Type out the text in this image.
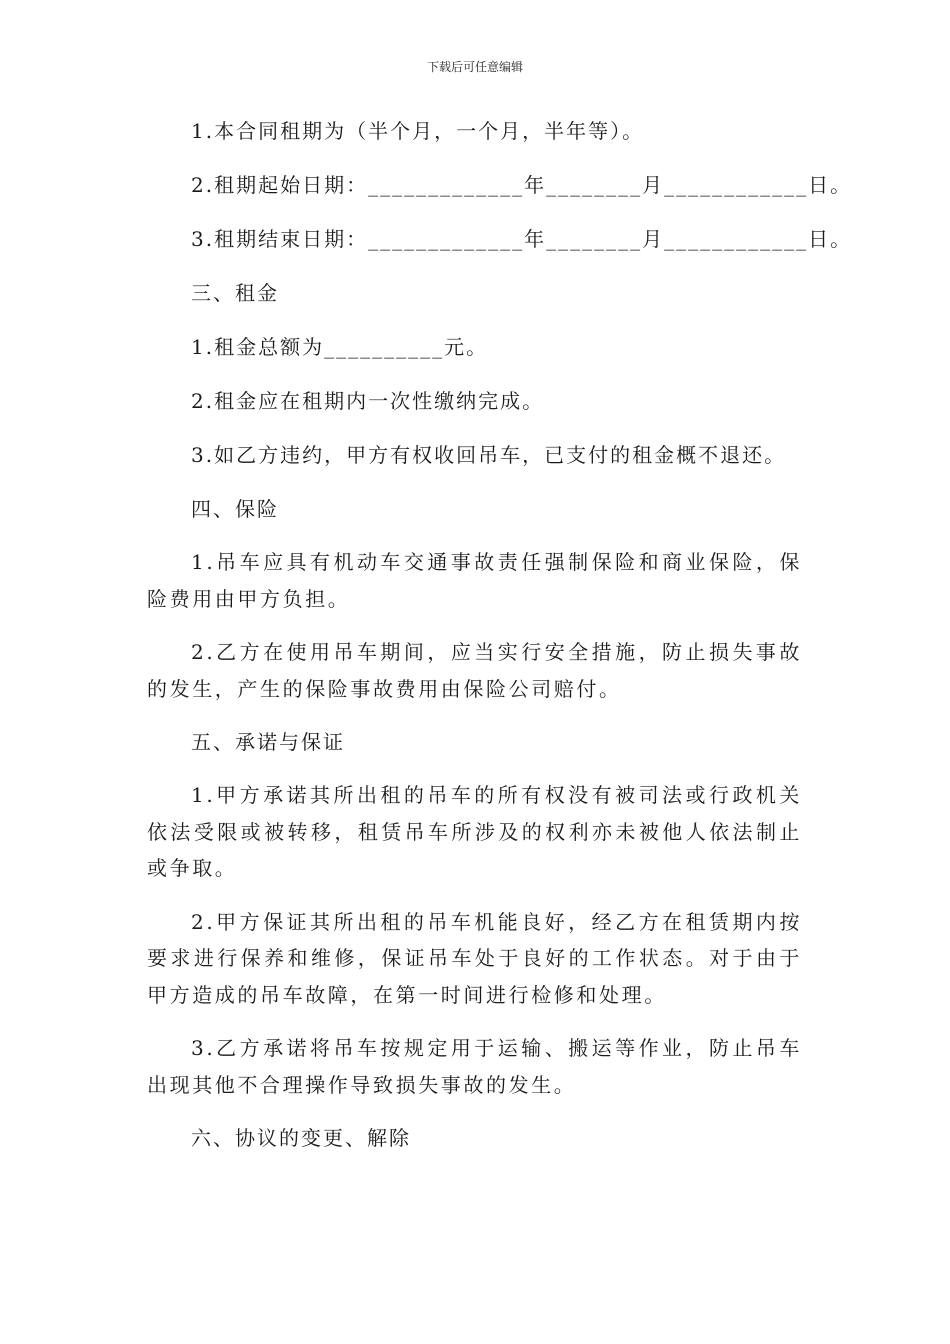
下载后可任意编辑

1.本合同租期为（半个月，一个月，半年等）。

2.租期起始日期：_____________年________月____________日。

3.租期结束日期：_____________年________月____________日。

三、租金

1.租金总额为__________元。

2.租金应在租期内一次性缴纳完成。

3.如乙方违约，甲方有权收回吊车，已支付的租金概不退还。

四、保险

1.吊车应具有机动车交通事故责任强制保险和商业保险，保险费用由甲方负担。

2.乙方在使用吊车期间，应当实行安全措施，防止损失事故的发生，产生的保险事故费用由保险公司赔付。

五、承诺与保证

1.甲方承诺其所出租的吊车的所有权没有被司法或行政机关依法受限或被转移，租赁吊车所涉及的权利亦未被他人依法制止或争取。

2.甲方保证其所出租的吊车机能良好，经乙方在租赁期内按要求进行保养和维修，保证吊车处于良好的工作状态。对于由于甲方造成的吊车故障，在第一时间进行检修和处理。

3.乙方承诺将吊车按规定用于运输、搬运等作业，防止吊车出现其他不合理操作导致损失事故的发生。

六、协议的变更、解除
